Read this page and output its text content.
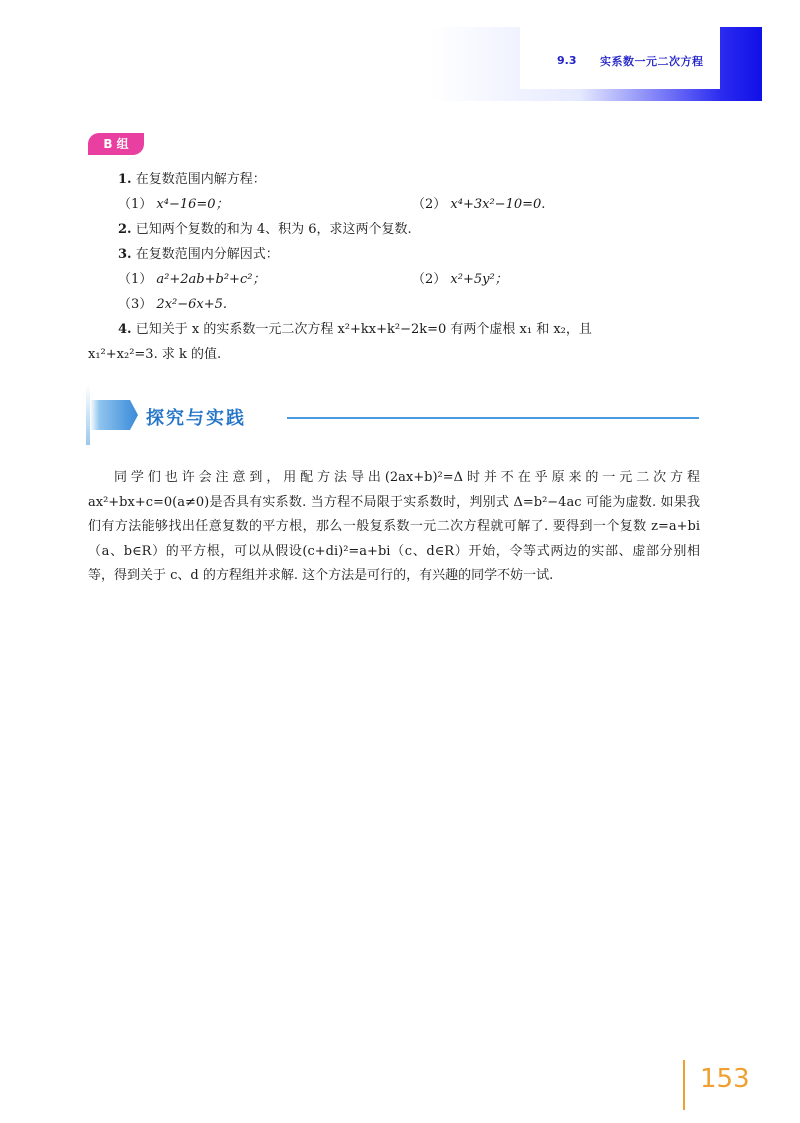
9.3 实系数一元二次方程
B 组
1. 在复数范围内解方程：
（1） x⁴−16=0；	（2） x⁴+3x²−10=0.
2. 已知两个复数的和为 4、积为 6，求这两个复数.
3. 在复数范围内分解因式：
（1） a²+2ab+b²+c²；	（2） x²+5y²；
（3） 2x²−6x+5.
4. 已知关于 x 的实系数一元二次方程 x²+kx+k²−2k=0 有两个虚根 x₁ 和 x₂，且
x₁²+x₂²=3. 求 k 的值.
探究与实践
同学们也许会注意到，用配方法导出(2ax+b)²=Δ时并不在乎原来的一元二次方程 ax²+bx+c=0(a≠0)是否具有实系数. 当方程不局限于实系数时，判别式 Δ=b²−4ac 可能为虚数. 如果我们有方法能够找出任意复数的平方根，那么一般复系数一元二次方程就可解了. 要得到一个复数 z=a+bi（a、b∈R）的平方根，可以从假设(c+di)²=a+bi（c、d∈R）开始，令等式两边的实部、虚部分别相等，得到关于 c、d 的方程组并求解. 这个方法是可行的，有兴趣的同学不妨一试.
153
